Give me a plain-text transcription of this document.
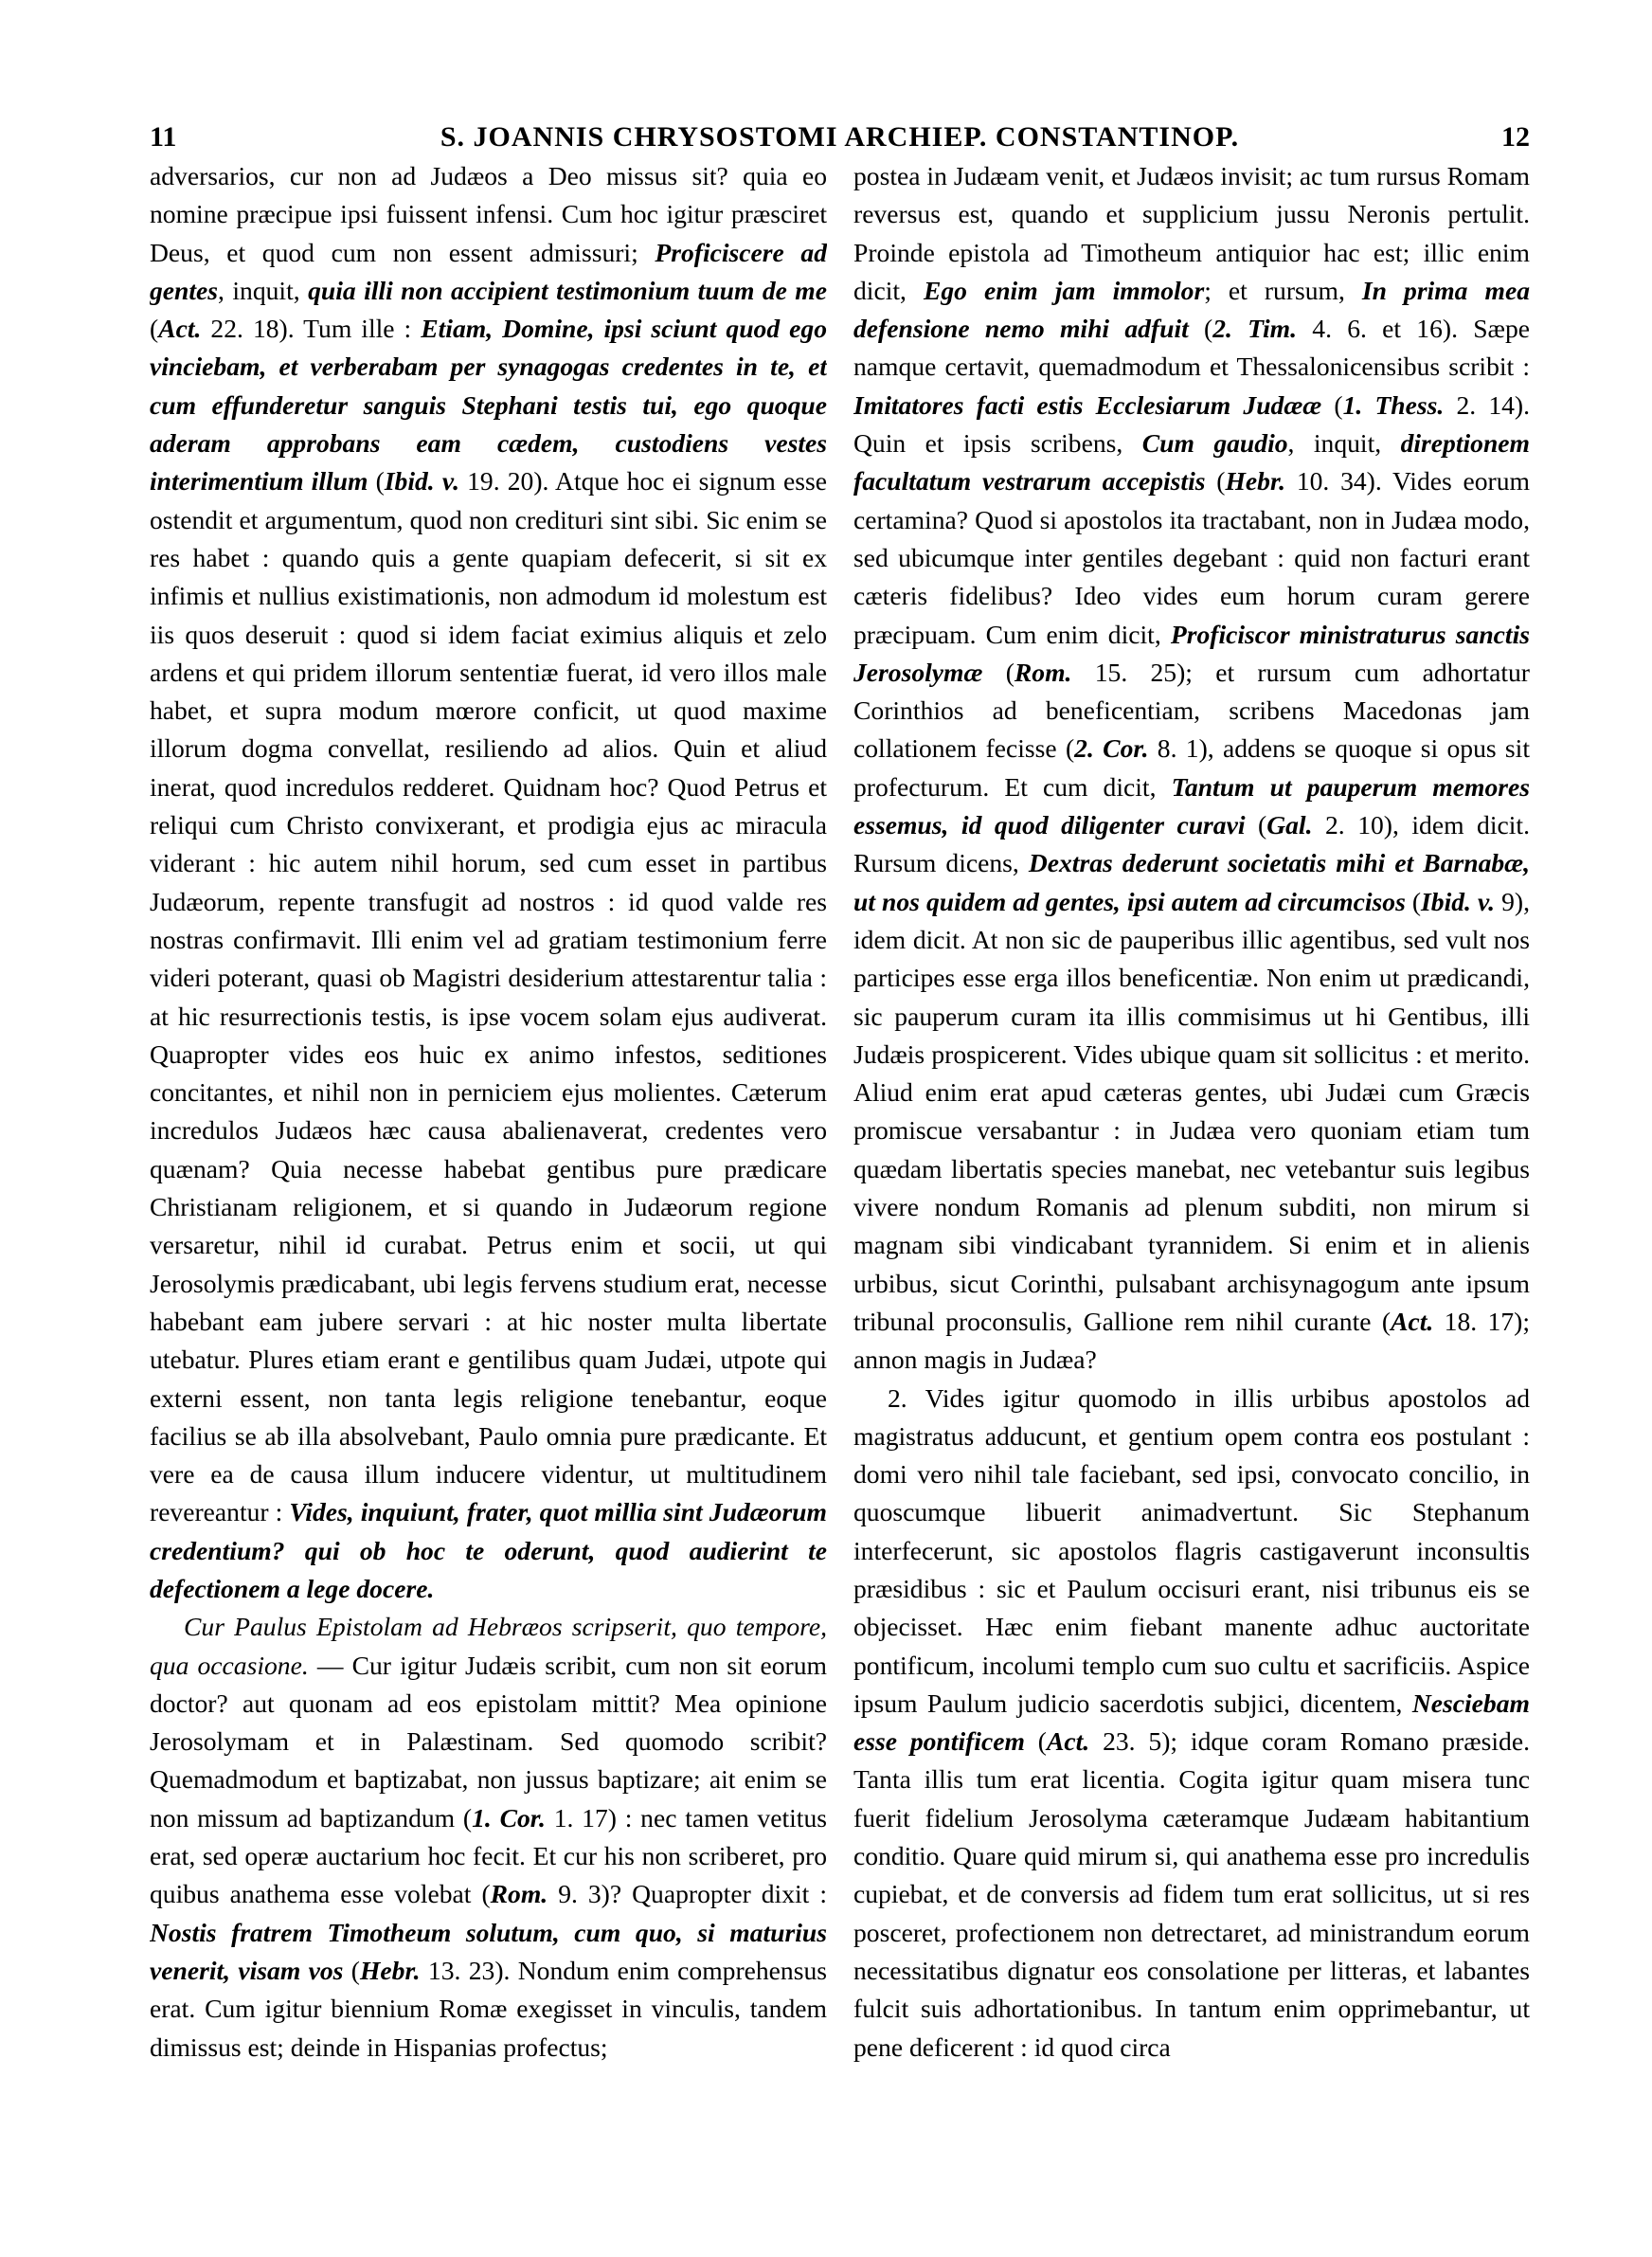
11	S. JOANNIS CHRYSOSTOMI ARCHIEP. CONSTANTINOP.	12

adversarios, cur non ad Judæos a Deo missus sit? quia eo nomine præcipue ipsi fuissent infensi. Cum hoc igitur præsciret Deus, et quod cum non essent admissuri; Proficiscere ad gentes, inquit, quia illi non accipient testimonium tuum de me (Act. 22. 18). Tum ille : Etiam, Domine, ipsi sciunt quod ego vinciebam, et verberabam per synagogas credentes in te, et cum effunderetur sanguis Stephani testis tui, ego quoque aderam approbans eam cædem, custodiens vestes interimentium illum (Ibid. v. 19. 20). Atque hoc ei signum esse ostendit et argumentum, quod non credituri sint sibi. Sic enim se res habet : quando quis a gente quapiam defecerit, si sit ex infimis et nullius existimationis, non admodum id molestum est iis quos deseruit : quod si idem faciat eximius aliquis et zelo ardens et qui pridem illorum sententiæ fuerat, id vero illos male habet, et supra modum mœrore conficit, ut quod maxime illorum dogma convellat, resiliendo ad alios. Quin et aliud inerat, quod incredulos redderet. Quidnam hoc? Quod Petrus et reliqui cum Christo convixerant, et prodigia ejus ac miracula viderant : hic autem nihil horum, sed cum esset in partibus Judæorum, repente transfugit ad nostros : id quod valde res nostras confirmavit. Illi enim vel ad gratiam testimonium ferre videri poterant, quasi ob Magistri desiderium attestarentur talia : at hic resurrectionis testis, is ipse vocem solam ejus audiverat. Quapropter vides eos huic ex animo infestos, seditiones concitantes, et nihil non in perniciem ejus molientes. Cæterum incredulos Judæos hæc causa abalienaverat, credentes vero quænam? Quia necesse habebat gentibus pure prædicare Christianam religionem, et si quando in Judæorum regione versaretur, nihil id curabat. Petrus enim et socii, ut qui Jerosolymis prædicabant, ubi legis fervens studium erat, necesse habebant eam jubere servari : at hic noster multa libertate utebatur. Plures etiam erant e gentilibus quam Judæi, utpote qui externi essent, non tanta legis religione tenebantur, eoque facilius se ab illa absolvebant, Paulo omnia pure prædicante. Et vere ea de causa illum inducere videntur, ut multitudinem revereantur : Vides, inquiunt, frater, quot millia sint Judæorum credentium? qui ob hoc te oderunt, quod audierint te defectionem a lege docere.

Cur Paulus Epistolam ad Hebræos scripserit, quo tempore, qua occasione. — Cur igitur Judæis scribit, cum non sit eorum doctor? aut quonam ad eos epistolam mittit? Mea opinione Jerosolymam et in Palæstinam. Sed quomodo scribit? Quemadmodum et baptizabat, non jussus baptizare; ait enim se non missum ad baptizandum (1. Cor. 1. 17) : nec tamen vetitus erat, sed operæ auctarium hoc fecit. Et cur his non scriberet, pro quibus anathema esse volebat (Rom. 9. 3)? Quapropter dixit : Nostis fratrem Timotheum solutum, cum quo, si maturius venerit, visam vos (Hebr. 13. 23). Nondum enim comprehensus erat. Cum igitur biennium Romæ exegisset in vinculis, tandem dimissus est; deinde in Hispanias profectus;

postea in Judæam venit, et Judæos invisit; ac tum rursus Romam reversus est, quando et supplicium jussu Neronis pertulit. Proinde epistola ad Timotheum antiquior hac est; illic enim dicit, Ego enim jam immolor; et rursum, In prima mea defensione nemo mihi adfuit (2. Tim. 4. 6. et 16). Sæpe namque certavit, quemadmodum et Thessalonicensibus scribit : Imitatores facti estis Ecclesiarum Judææ (1. Thess. 2. 14). Quin et ipsis scribens, Cum gaudio, inquit, direptionem facultatum vestrarum accepistis (Hebr. 10. 34). Vides eorum certamina? Quod si apostolos ita tractabant, non in Judæa modo, sed ubicumque inter gentiles degebant : quid non facturi erant cæteris fidelibus? Ideo vides eum horum curam gerere præcipuam. Cum enim dicit, Proficiscor ministraturus sanctis Jerosolymæ (Rom. 15. 25); et rursum cum adhortatur Corinthios ad beneficentiam, scribens Macedonas jam collationem fecisse (2. Cor. 8. 1), addens se quoque si opus sit profecturum. Et cum dicit, Tantum ut pauperum memores essemus, id quod diligenter curavi (Gal. 2. 10), idem dicit. Rursum dicens, Dextras dederunt societatis mihi et Barnabæ, ut nos quidem ad gentes, ipsi autem ad circumcisos (Ibid. v. 9), idem dicit. At non sic de pauperibus illic agentibus, sed vult nos participes esse erga illos beneficentiæ. Non enim ut prædicandi, sic pauperum curam ita illis commisimus ut hi Gentibus, illi Judæis prospicerent. Vides ubique quam sit sollicitus : et merito. Aliud enim erat apud cæteras gentes, ubi Judæi cum Græcis promiscue versabantur : in Judæa vero quoniam etiam tum quædam libertatis species manebat, nec vetebantur suis legibus vivere nondum Romanis ad plenum subditi, non mirum si magnam sibi vindicabant tyrannidem. Si enim et in alienis urbibus, sicut Corinthi, pulsabant archisynagogum ante ipsum tribunal proconsulis, Gallione rem nihil curante (Act. 18. 17); annon magis in Judæa?

2. Vides igitur quomodo in illis urbibus apostolos ad magistratus adducunt, et gentium opem contra eos postulant : domi vero nihil tale faciebant, sed ipsi, convocato concilio, in quoscumque libuerit animadvertunt. Sic Stephanum interfecerunt, sic apostolos flagris castigaverunt inconsultis præsidibus : sic et Paulum occisuri erant, nisi tribunus eis se objecisset. Hæc enim fiebant manente adhuc auctoritate pontificum, incolumi templo cum suo cultu et sacrificiis. Aspice ipsum Paulum judicio sacerdotis subjici, dicentem, Nesciebam esse pontificem (Act. 23. 5); idque coram Romano præside. Tanta illis tum erat licentia. Cogita igitur quam misera tunc fuerit fidelium Jerosolyma cæteramque Judæam habitantium conditio. Quare quid mirum si, qui anathema esse pro incredulis cupiebat, et de conversis ad fidem tum erat sollicitus, ut si res posceret, profectionem non detrectaret, ad ministrandum eorum necessitatibus dignatur eos consolatione per litteras, et labantes fulcit suis adhortationibus. In tantum enim opprimebantur, ut pene deficerent : id quod circa
